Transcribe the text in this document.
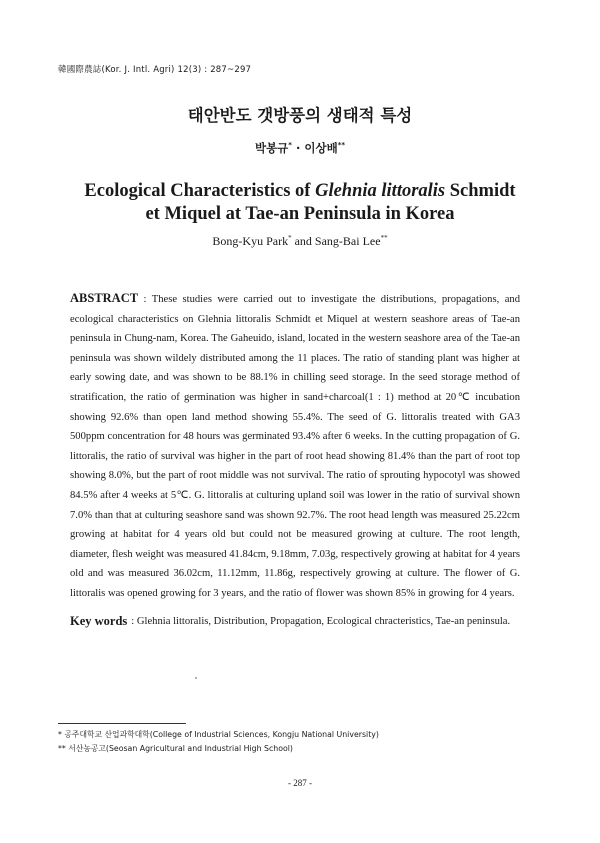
韓國際農誌(Kor. J. Intl. Agri) 12(3) : 287~297
태안반도 갯방풍의 생태적 특성
박봉규* · 이상배**
Ecological Characteristics of Glehnia littoralis Schmidt
et Miquel at Tae-an Peninsula in Korea
Bong-Kyu Park* and Sang-Bai Lee**

ABSTRACT : These studies were carried out to investigate the distributions, propagations, and ecological characteristics on Glehnia littoralis Schmidt et Miquel at western seashore areas of Tae-an peninsula in Chung-nam, Korea. The Gaheuido, island, located in the western seashore area of the Tae-an peninsula was shown wildely distributed among the 11 places. The ratio of standing plant was higher at early sowing date, and was shown to be 88.1% in chilling seed storage. In the seed storage method of stratification, the ratio of germination was higher in sand+charcoal(1 : 1) method at 20℃ incubation showing 92.6% than open land method showing 55.4%. The seed of G. littoralis treated with GA3 500ppm concentration for 48 hours was germinated 93.4% after 6 weeks. In the cutting propagation of G. littoralis, the ratio of survival was higher in the part of root head showing 81.4% than the part of root top showing 8.0%, but the part of root middle was not survival. The ratio of sprouting hypocotyl was showed 84.5% after 4 weeks at 5℃. G. littoralis at culturing upland soil was lower in the ratio of survival shown 7.0% than that at culturing seashore sand was shown 92.7%. The root head length was measured 25.22cm growing at habitat for 4 years old but could not be measured growing at culture. The root length, diameter, flesh weight was measured 41.84cm, 9.18mm, 7.03g, respectively growing at habitat for 4 years old and was measured 36.02cm, 11.12mm, 11.86g, respectively growing at culture. The flower of G. littoralis was opened growing for 3 years, and the ratio of flower was shown 85% in growing for 4 years.

Key words : Glehnia littoralis, Distribution, Propagation, Ecological chracteristics, Tae-an peninsula.
* 공주대학교 산업과학대학(College of Industrial Sciences, Kongju National University)
** 서산농공고(Seosan Agricultural and Industrial High School)
- 287 -
